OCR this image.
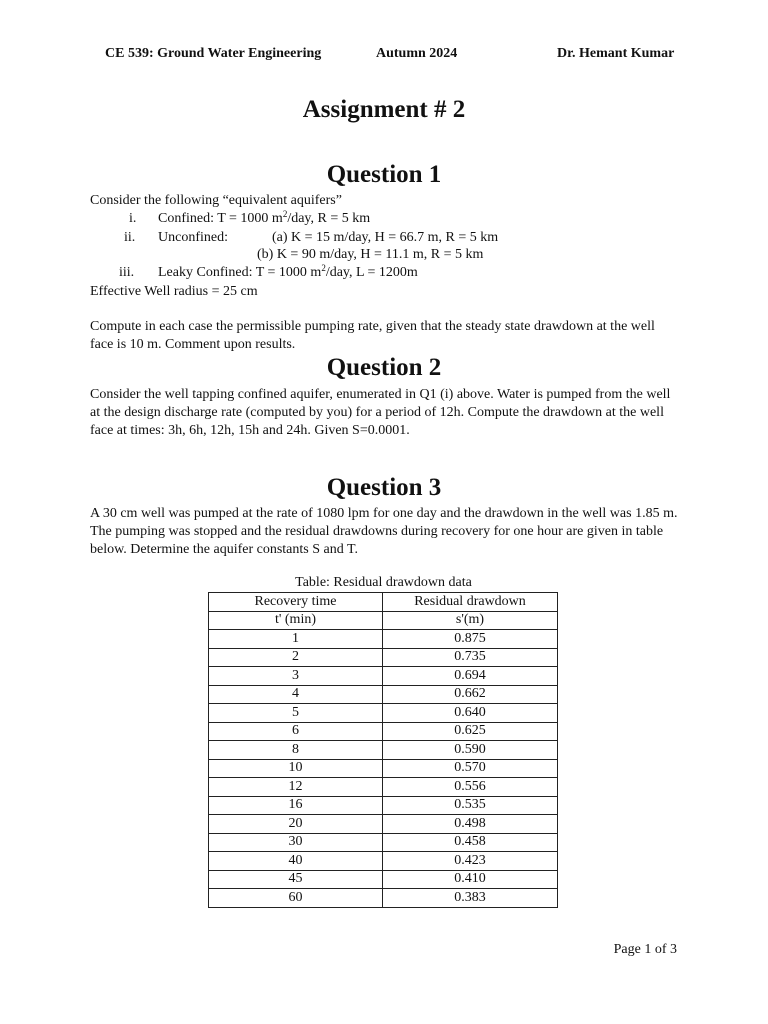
CE 539: Ground Water Engineering	Autumn 2024	Dr. Hemant Kumar
Assignment # 2
Question 1
Consider the following “equivalent aquifers”
i. Confined: T = 1000 $m^2$/day, R = 5 km
ii. Unconfined:	(a) K = 15 m/day, H = 66.7 m, R = 5 km
(b) K = 90 m/day, H = 11.1 m, R = 5 km
iii. Leaky Confined: T = 1000 $m^2$/day, L = 1200m
Effective Well radius = 25 cm
Compute in each case the permissible pumping rate, given that the steady state drawdown at the well face is 10 m. Comment upon results.
Question 2
Consider the well tapping confined aquifer, enumerated in Q1 (i) above. Water is pumped from the well at the design discharge rate (computed by you) for a period of 12h. Compute the drawdown at the well face at times: 3h, 6h, 12h, 15h and 24h. Given S=0.0001.
Question 3
A 30 cm well was pumped at the rate of 1080 lpm for one day and the drawdown in the well was 1.85 m. The pumping was stopped and the residual drawdowns during recovery for one hour are given in table below. Determine the aquifer constants S and T.
Table: Residual drawdown data
Recovery time	Residual drawdown
t' (min)	s'(m)
1	0.875
2	0.735
3	0.694
4	0.662
5	0.640
6	0.625
8	0.590
10	0.570
12	0.556
16	0.535
20	0.498
30	0.458
40	0.423
45	0.410
60	0.383
Page 1 of 3
